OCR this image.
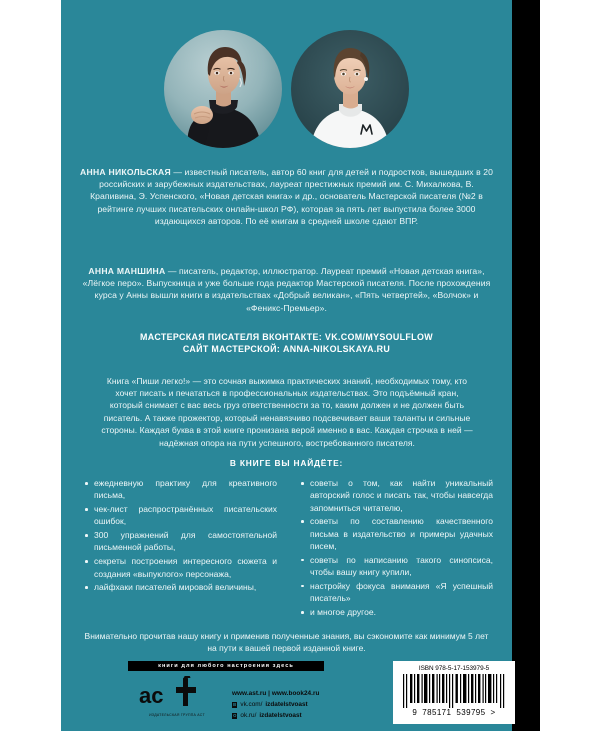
АННА НИКОЛЬСКАЯ — известный писатель, автор 60 книг для детей и подростков, вышедших в 20 российских и зарубежных издательствах, лауреат престижных премий им. С. Михалкова, В. Крапивина, Э. Успенского, «Новая детская книга» и др., основатель Мастерской писателя (№2 в рейтинге лучших писательских онлайн-школ РФ), которая за пять лет выпустила более 3000 издающихся авторов. По её книгам в средней школе сдают ВПР.

АННА МАНШИНА — писатель, редактор, иллюстратор. Лауреат премий «Новая детская книга», «Лёгкое перо». Выпускница и уже больше года редактор Мастерской писателя. После прохождения курса у Анны вышли книги в издательствах «Добрый великан», «Пять четвертей», «Волчок» и «Феникс-Премьер».

МАСТЕРСКАЯ ПИСАТЕЛЯ ВКОНТАКТЕ: VK.COM/MYSOULFLOW
САЙТ МАСТЕРСКОЙ: ANNA-NIKOLSKAYA.RU

Книга «Пиши легко!» — это сочная выжимка практических знаний, необходимых тому, кто хочет писать и печататься в профессиональных издательствах. Это подъёмный кран, который снимает с вас весь груз ответственности за то, каким должен и не должен быть писатель. А также прожектор, который ненавязчиво подсвечивает ваши таланты и сильные стороны. Каждая буква в этой книге пронизана верой именно в вас. Каждая строчка в ней — надёжная опора на пути успешного, востребованного писателя.

В КНИГЕ ВЫ НАЙДЁТЕ:
ежедневную практику для креативного письма,
чек-лист распространённых писательских ошибок,
300 упражнений для самостоятельной письменной работы,
секреты построения интересного сюжета и создания «выпуклого» персонажа,
лайфхаки писателей мировой величины,
советы о том, как найти уникальный авторский голос и писать так, чтобы навсегда запомниться читателю,
советы по составлению качественного письма в издательство и примеры удачных писем,
советы по написанию такого синопсиса, чтобы вашу книгу купили,
настройку фокуса внимания «Я успешный писатель»
и многое другое.

Внимательно прочитав нашу книгу и применив полученные знания, вы сэкономите как минимум 5 лет на пути к вашей первой изданной книге.

книги для любого настроения здесь
ac
ИЗДАТЕЛЬСКАЯ ГРУППА АСТ
www.ast.ru | www.book24.ru
В vk.com/ izdatelstvoast
О ok.ru/ izdatelstvoast
ISBN 978-5-17-153979-5
9 785171 539795 >
